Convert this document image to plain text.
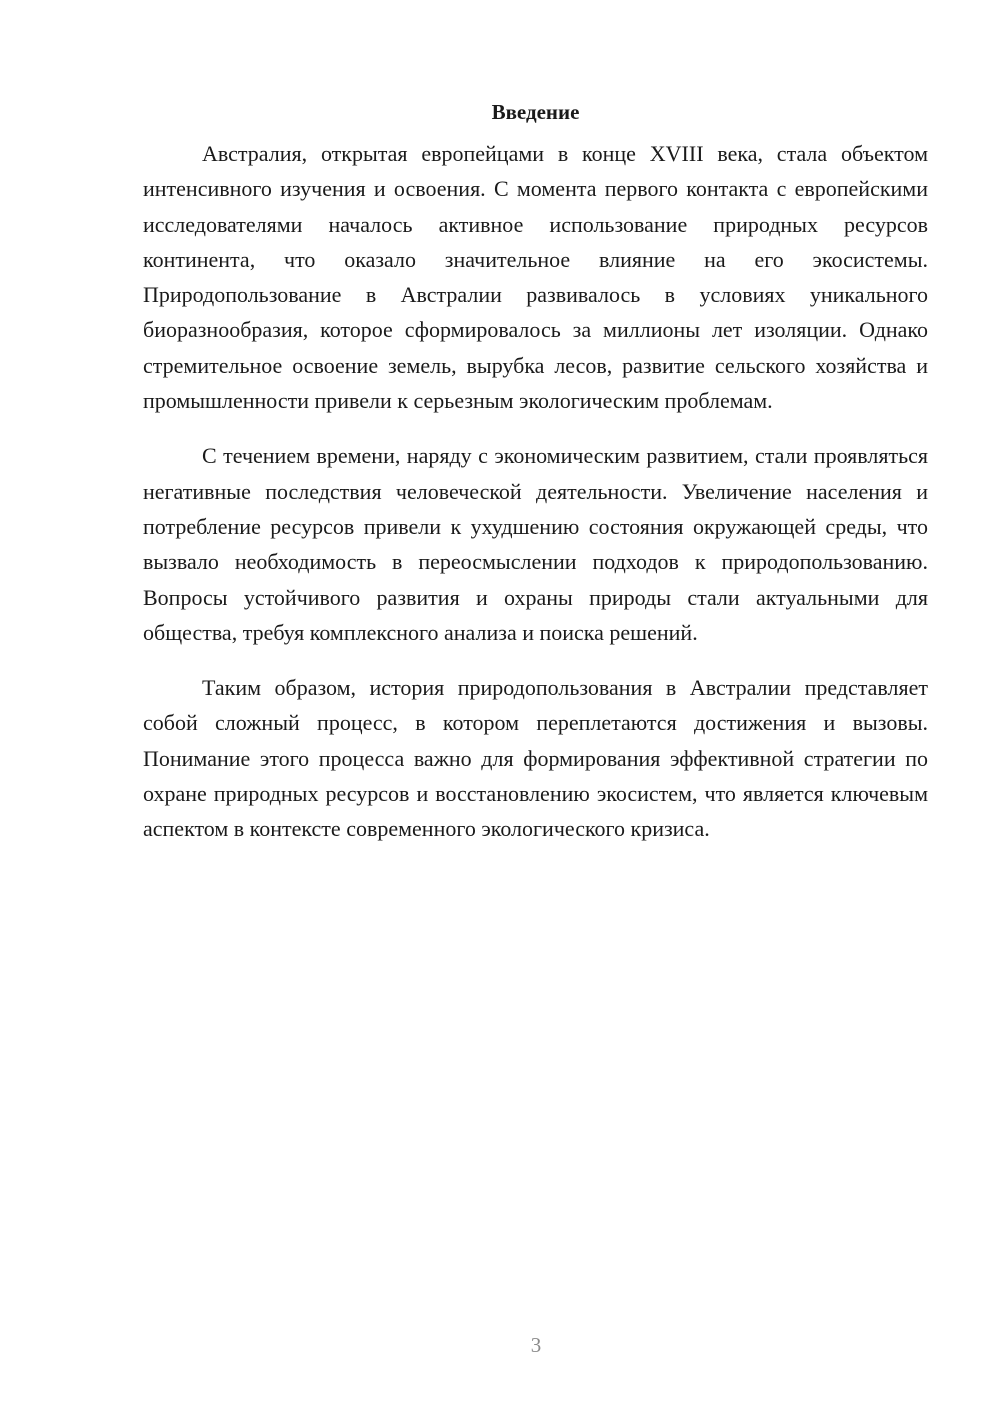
Введение

Австралия, открытая европейцами в конце XVIII века, стала объектом интенсивного изучения и освоения. С момента первого контакта с европейскими исследователями началось активное использование природных ресурсов континента, что оказало значительное влияние на его экосистемы. Природопользование в Австралии развивалось в условиях уникального биоразнообразия, которое сформировалось за миллионы лет изоляции. Однако стремительное освоение земель, вырубка лесов, развитие сельского хозяйства и промышленности привели к серьезным экологическим проблемам.

С течением времени, наряду с экономическим развитием, стали проявляться негативные последствия человеческой деятельности. Увеличение населения и потребление ресурсов привели к ухудшению состояния окружающей среды, что вызвало необходимость в переосмыслении подходов к природопользованию. Вопросы устойчивого развития и охраны природы стали актуальными для общества, требуя комплексного анализа и поиска решений.

Таким образом, история природопользования в Австралии представляет собой сложный процесс, в котором переплетаются достижения и вызовы. Понимание этого процесса важно для формирования эффективной стратегии по охране природных ресурсов и восстановлению экосистем, что является ключевым аспектом в контексте современного экологического кризиса.

3
